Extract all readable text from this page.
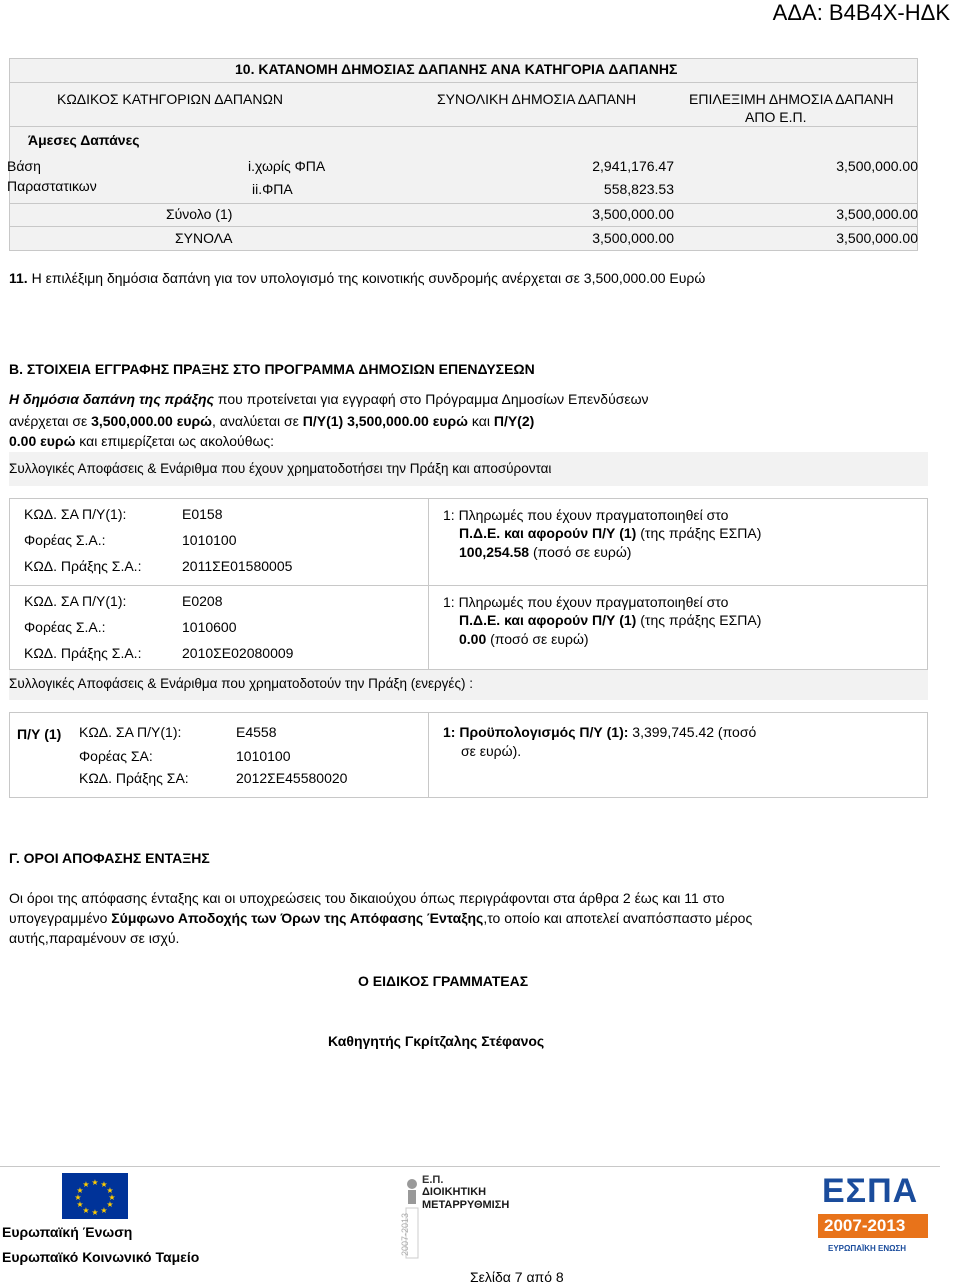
ΑΔΑ: Β4Β4Χ-ΗΔΚ
10. ΚΑΤΑΝΟΜΗ ΔΗΜΟΣΙΑΣ ΔΑΠΑΝΗΣ ΑΝΑ ΚΑΤΗΓΟΡΙΑ ΔΑΠΑΝΗΣ
ΚΩΔΙΚΟΣ ΚΑΤΗΓΟΡΙΩΝ ΔΑΠΑΝΩΝ	ΣΥΝΟΛΙΚΗ ΔΗΜΟΣΙΑ ΔΑΠΑΝΗ	ΕΠΙΛΕΞΙΜΗ ΔΗΜΟΣΙΑ ΔΑΠΑΝΗ
ΑΠΟ Ε.Π.
Άμεσες Δαπάνες
Βάση
Παραστατικων
i.χωρίς ΦΠΑ	2,941,176.47	3,500,000.00
ii.ΦΠΑ	558,823.53
Σύνολο (1)	3,500,000.00	3,500,000.00
ΣΥΝΟΛΑ	3,500,000.00	3,500,000.00
11. Η επιλέξιμη δημόσια δαπάνη για τον υπολογισμό της κοινοτικής συνδρομής ανέρχεται σε 3,500,000.00 Ευρώ
Β. ΣΤΟΙΧΕΙΑ ΕΓΓΡΑΦΗΣ ΠΡΑΞΗΣ ΣΤΟ ΠΡΟΓΡΑΜΜΑ ΔΗΜΟΣΙΩΝ ΕΠΕΝΔΥΣΕΩΝ
Η δημόσια δαπάνη της πράξης που προτείνεται για εγγραφή στο Πρόγραμμα Δημοσίων Επενδύσεων
ανέρχεται σε 3,500,000.00 ευρώ, αναλύεται σε Π/Υ(1) 3,500,000.00 ευρώ και Π/Υ(2)
0.00 ευρώ και επιμερίζεται ως ακολούθως:
Συλλογικές Αποφάσεις & Ενάριθμα που έχουν χρηματοδοτήσει την Πράξη και αποσύρονται
ΚΩΔ. ΣΑ Π/Υ(1):	Ε0158
Φορέας Σ.Α.:	1010100
ΚΩΔ. Πράξης Σ.Α.:	2011ΣΕ01580005
1: Πληρωμές που έχουν πραγματοποιηθεί στο
Π.Δ.Ε. και αφορούν Π/Υ (1) (της πράξης ΕΣΠΑ)
100,254.58 (ποσό σε ευρώ)
ΚΩΔ. ΣΑ Π/Υ(1):	Ε0208
Φορέας Σ.Α.:	1010600
ΚΩΔ. Πράξης Σ.Α.:	2010ΣΕ02080009
1: Πληρωμές που έχουν πραγματοποιηθεί στο
Π.Δ.Ε. και αφορούν Π/Υ (1) (της πράξης ΕΣΠΑ)
0.00 (ποσό σε ευρώ)
Συλλογικές Αποφάσεις & Ενάριθμα που χρηματοδοτούν την Πράξη (ενεργές) :
Π/Υ (1) ΚΩΔ. ΣΑ Π/Υ(1):	Ε4558
Φορέας ΣΑ:	1010100
ΚΩΔ. Πράξης ΣΑ:	2012ΣΕ45580020
1: Προϋπολογισμός Π/Υ (1): 3,399,745.42 (ποσό
σε ευρώ).
Γ. ΟΡΟΙ ΑΠΟΦΑΣΗΣ ΕΝΤΑΞΗΣ
Οι όροι της απόφασης ένταξης και οι υποχρεώσεις του δικαιούχου όπως περιγράφονται στα άρθρα 2 έως και 11 στο
υπογεγραμμένο Σύμφωνο Αποδοχής των Όρων της Απόφασης Ένταξης,το οποίο και αποτελεί αναπόσπαστο μέρος
αυτής,παραμένουν σε ισχύ.
Ο ΕΙΔΙΚΟΣ ΓΡΑΜΜΑΤΕΑΣ
Καθηγητής Γκρίτζαλης Στέφανος
★ ★
★
★
★
★
★
★
★
★
★
★
Ευρωπαϊκή Ένωση
Ευρωπαϊκό Κοινωνικό Ταμείο
2007-2013
Ε.Π.
ΔΙΟΙΚΗΤΙΚΗ
ΜΕΤΑΡΡΥΘΜΙΣΗ	ΕΣΠΑ
2007-2013
ΕΥΡΩΠΑΪΚΗ ΕΝΩΣΗ
Σελίδα 7 από 8
